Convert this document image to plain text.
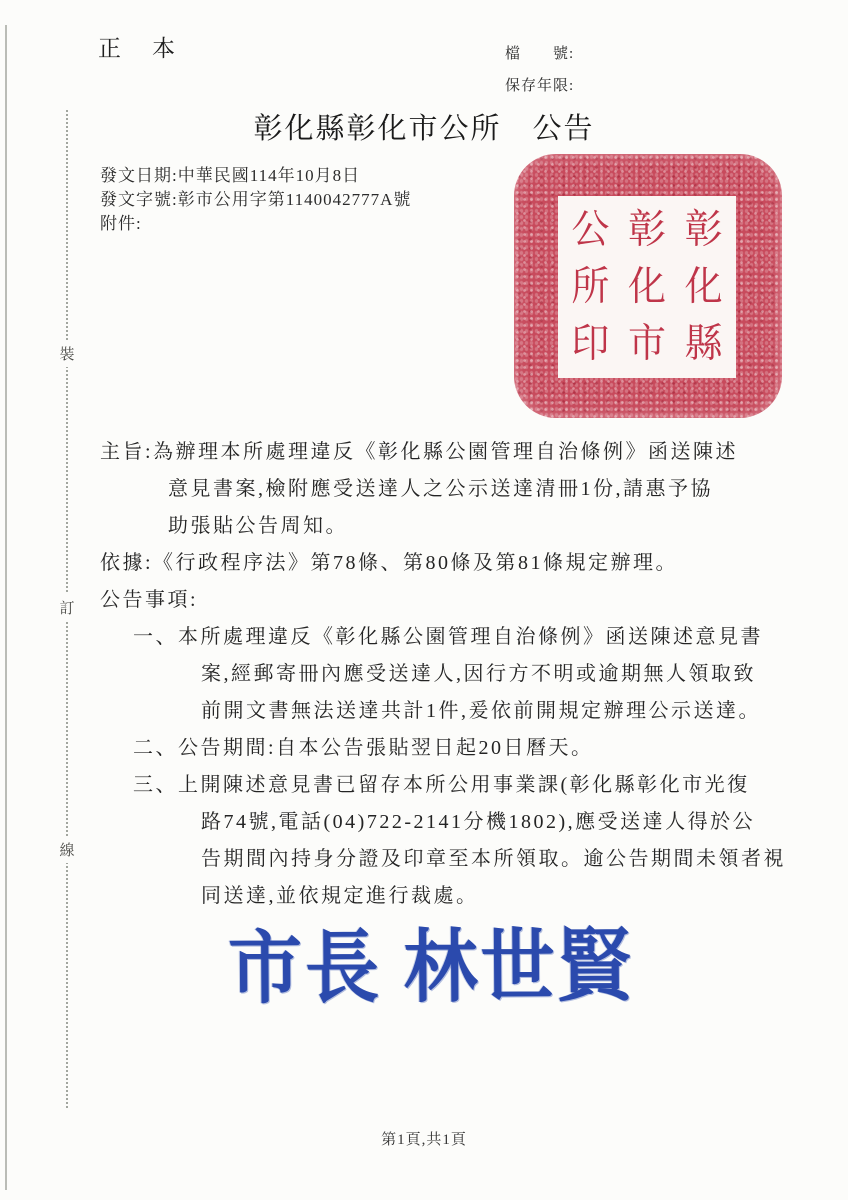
裝
訂
線
正　本	檔　　號:
保存年限:
彰化縣彰化市公所　公告
發文日期:中華民國114年10月8日
發文字號:彰市公用字第1140042777A號
附件:	彰
化
縣
彰
化
市
公
所
印
主旨:為辦理本所處理違反《彰化縣公園管理自治條例》函送陳述
意見書案,檢附應受送達人之公示送達清冊1份,請惠予協
助張貼公告周知。
依據:《行政程序法》第78條、第80條及第81條規定辦理。
公告事項:
一、本所處理違反《彰化縣公園管理自治條例》函送陳述意見書
案,經郵寄冊內應受送達人,因行方不明或逾期無人領取致
前開文書無法送達共計1件,爰依前開規定辦理公示送達。
二、公告期間:自本公告張貼翌日起20日曆天。
三、上開陳述意見書已留存本所公用事業課(彰化縣彰化市光復
路74號,電話(04)722-2141分機1802),應受送達人得於公
告期間內持身分證及印章至本所領取。逾公告期間未領者視
同送達,並依規定進行裁處。
市長 林世賢
第1頁,共1頁
